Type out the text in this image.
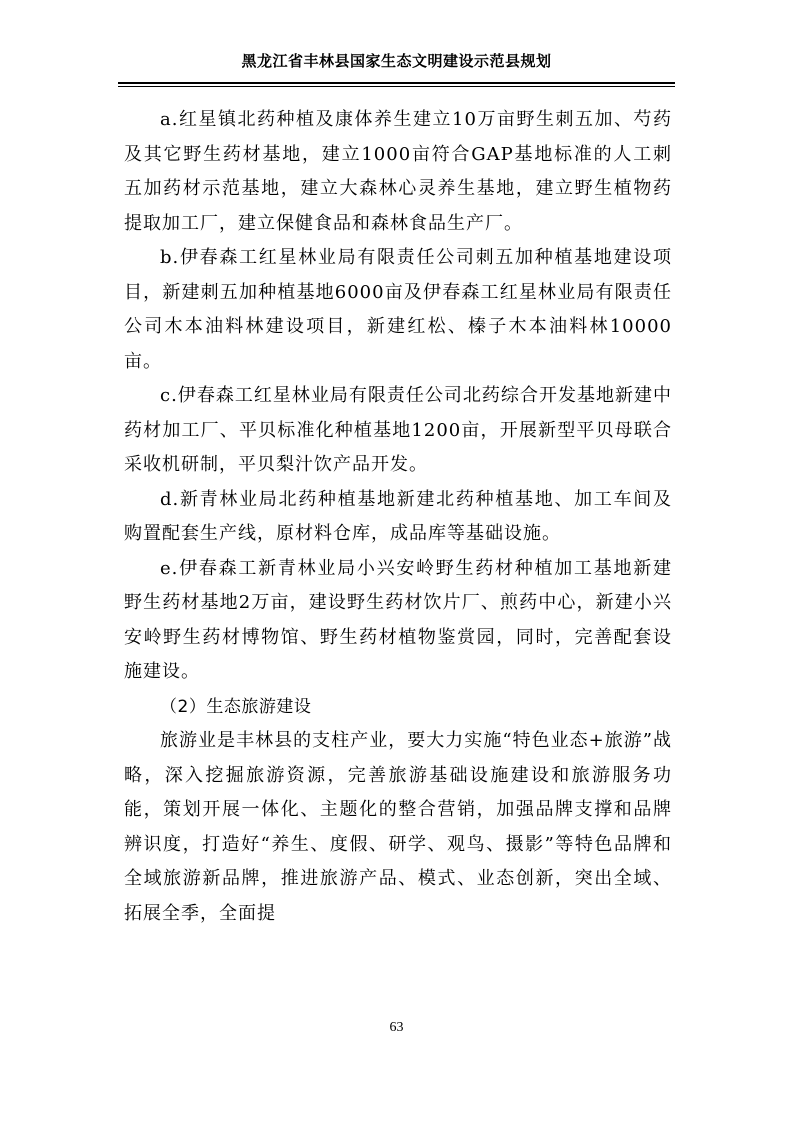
黑龙江省丰林县国家生态文明建设示范县规划

a.红星镇北药种植及康体养生建立10万亩野生刺五加、芍药及其它野生药材基地，建立1000亩符合GAP基地标准的人工刺五加药材示范基地，建立大森林心灵养生基地，建立野生植物药提取加工厂，建立保健食品和森林食品生产厂。

b.伊春森工红星林业局有限责任公司刺五加种植基地建设项目，新建刺五加种植基地6000亩及伊春森工红星林业局有限责任公司木本油料林建设项目，新建红松、榛子木本油料林10000亩。

c.伊春森工红星林业局有限责任公司北药综合开发基地新建中药材加工厂、平贝标准化种植基地1200亩，开展新型平贝母联合采收机研制，平贝梨汁饮产品开发。

d.新青林业局北药种植基地新建北药种植基地、加工车间及购置配套生产线，原材料仓库，成品库等基础设施。

e.伊春森工新青林业局小兴安岭野生药材种植加工基地新建野生药材基地2万亩，建设野生药材饮片厂、煎药中心，新建小兴安岭野生药材博物馆、野生药材植物鉴赏园，同时，完善配套设施建设。

（2）生态旅游建设

旅游业是丰林县的支柱产业，要大力实施“特色业态+旅游”战略，深入挖掘旅游资源，完善旅游基础设施建设和旅游服务功能，策划开展一体化、主题化的整合营销，加强品牌支撑和品牌辨识度，打造好“养生、度假、研学、观鸟、摄影”等特色品牌和全域旅游新品牌，推进旅游产品、模式、业态创新，突出全域、拓展全季，全面提

63
